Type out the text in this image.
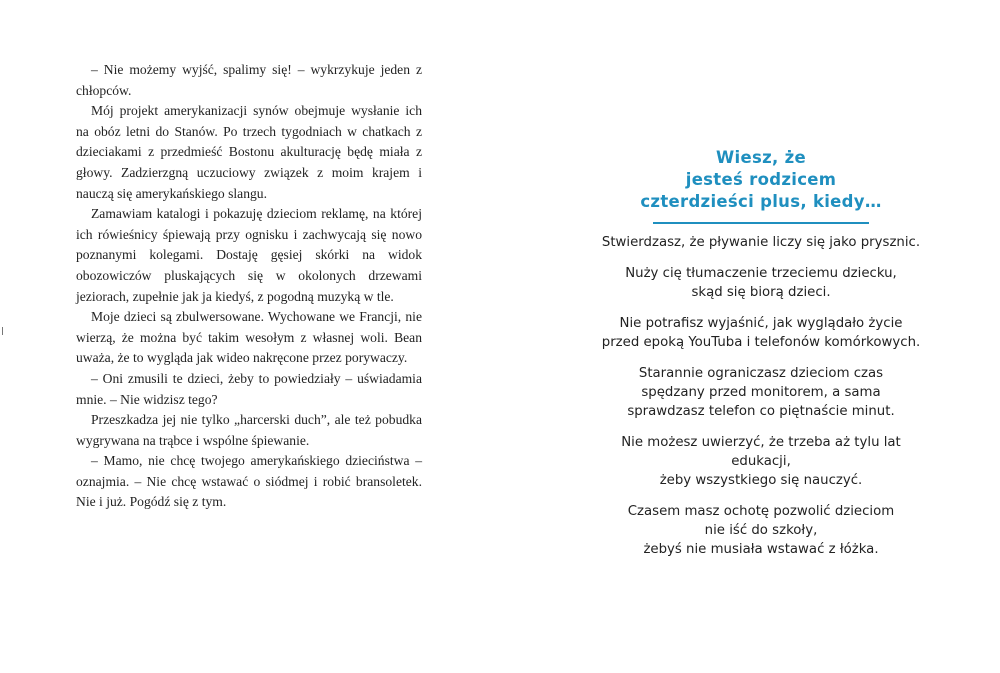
– Nie możemy wyjść, spalimy się! – wykrzykuje jeden z chłopców.

Mój projekt amerykanizacji synów obejmuje wysłanie ich na obóz letni do Stanów. Po trzech tygodniach w chatkach z dzieciakami z przedmieść Bostonu akulturację będę miała z głowy. Zadzierzgną uczuciowy związek z moim krajem i nauczą się amerykańskiego slangu.

Zamawiam katalogi i pokazuję dzieciom reklamę, na której ich rówieśnicy śpiewają przy ognisku i zachwycają się nowo poznanymi kolegami. Dostaję gęsiej skórki na widok obozowiczów pluskających się w okolonych drzewami jeziorach, zupełnie jak ja kiedyś, z pogodną muzyką w tle.

Moje dzieci są zbulwersowane. Wychowane we Francji, nie wierzą, że można być takim wesołym z własnej woli. Bean uważa, że to wygląda jak wideo nakręcone przez porywaczy.

– Oni zmusili te dzieci, żeby to powiedziały – uświadamia mnie. – Nie widzisz tego?

Przeszkadza jej nie tylko „harcerski duch”, ale też pobudka wygrywana na trąbce i wspólne śpiewanie.

– Mamo, nie chcę twojego amerykańskiego dzieciństwa – oznajmia. – Nie chcę wstawać o siódmej i robić bransoletek. Nie i już. Pogódź się z tym.

Wiesz, że
jesteś rodzicem
czterdzieści plus, kiedy…
Stwierdzasz, że pływanie liczy się jako prysznic.
Nuży cię tłumaczenie trzeciemu dziecku,
skąd się biorą dzieci.
Nie potrafisz wyjaśnić, jak wyglądało życie
przed epoką YouTuba i telefonów komórkowych.
Starannie ograniczasz dzieciom czas
spędzany przed monitorem, a sama
sprawdzasz telefon co piętnaście minut.
Nie możesz uwierzyć, że trzeba aż tylu lat edukacji,
żeby wszystkiego się nauczyć.
Czasem masz ochotę pozwolić dzieciom
nie iść do szkoły,
żebyś nie musiała wstawać z łóżka.
